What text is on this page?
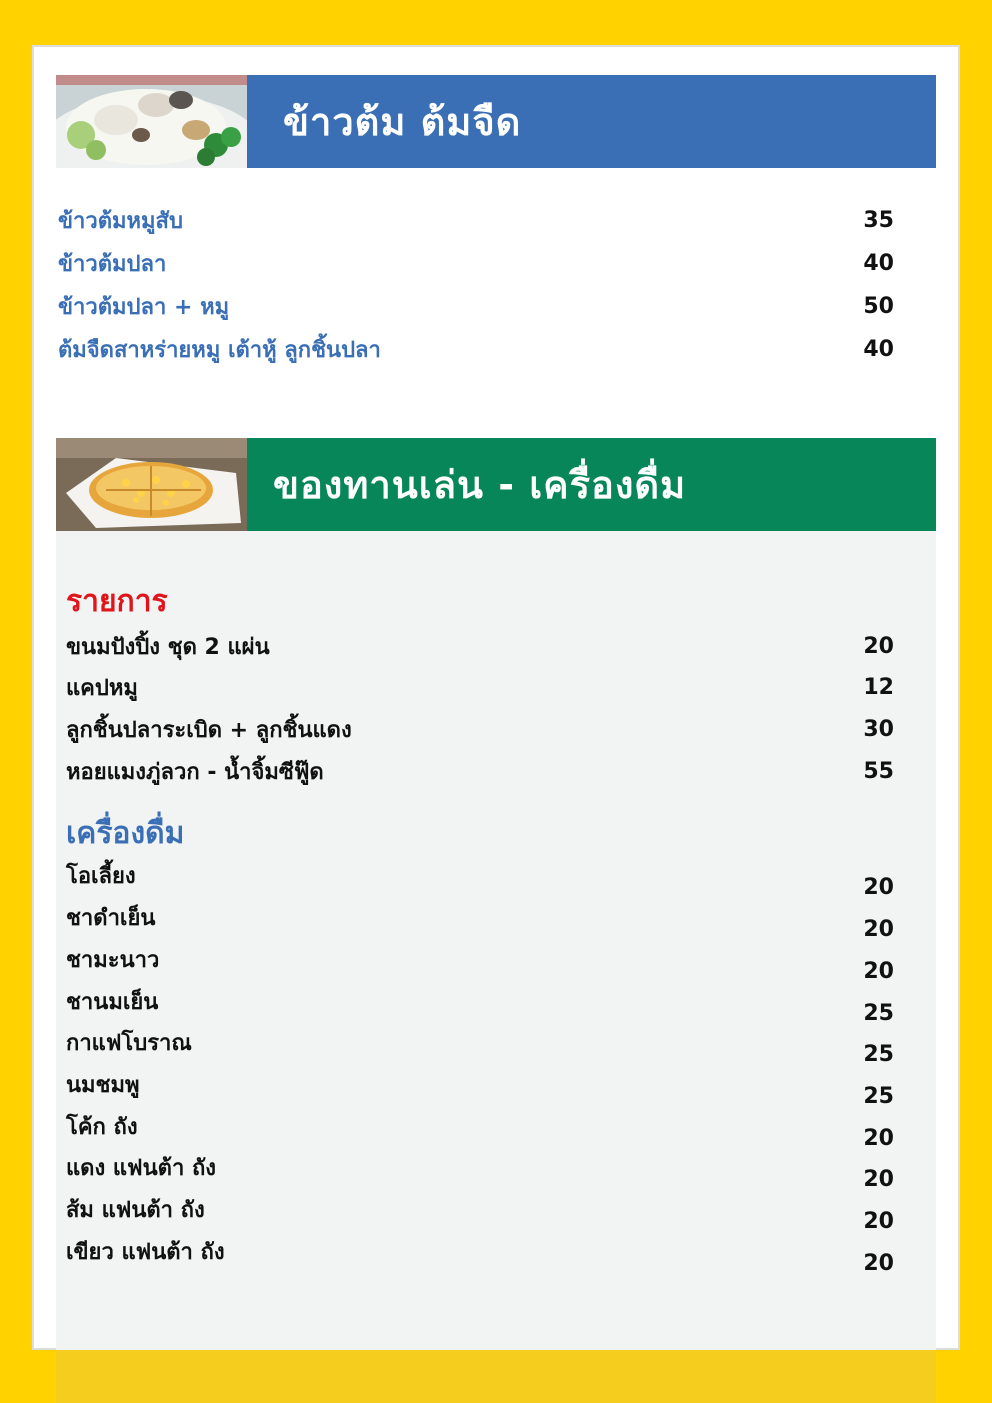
ข้าวต้ม ต้มจืด
ข้าวต้มหมูสับ	35
ข้าวต้มปลา	40
ข้าวต้มปลา + หมู	50
ต้มจืดสาหร่ายหมู เต้าหู้ ลูกชิ้นปลา	40
ของทานเล่น - เครื่องดื่ม
รายการ
ขนมปังปิ้ง ชุด 2 แผ่น	20
แคปหมู	12
ลูกชิ้นปลาระเบิด + ลูกชิ้นแดง	30
หอยแมงภู่ลวก - น้ำจิ้มซีฟู๊ด	55
เครื่องดื่ม
โอเลี้ยง	20
ชาดำเย็น	20
ชามะนาว	20
ชานมเย็น	25
กาแฟโบราณ	25
นมชมพู	25
โค้ก ถัง	20
แดง แฟนต้า ถัง	20
ส้ม แฟนต้า ถัง	20
เขียว แฟนต้า ถัง	20
